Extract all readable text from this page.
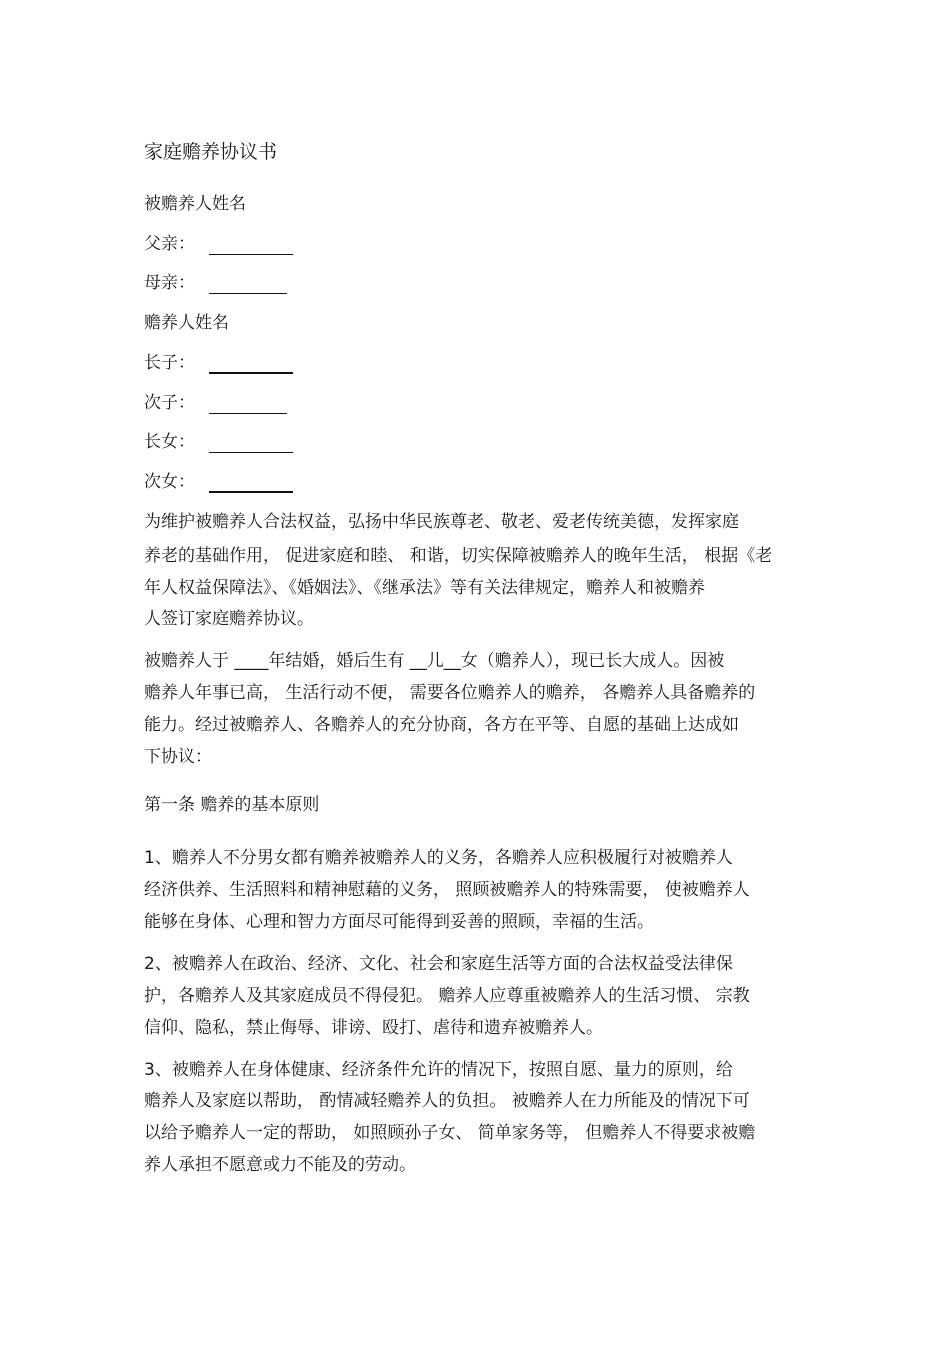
家庭赡养协议书
被赡养人姓名
父亲：
母亲：
赡养人姓名
长子：
次子：
长女：
次女：
为维护被赡养人合法权益，弘扬中华民族尊老、敬老、爱老传统美德，发挥家庭
养老的基础作用， 促进家庭和睦、 和谐，切实保障被赡养人的晚年生活， 根据《老
年人权益保障法》、《婚姻法》、《继承法》等有关法律规定，赡养人和被赡养
人签订家庭赡养协议。
被赡养人于 ____年结婚，婚后生有 __儿__女（赡养人），现已长大成人。因被
赡养人年事已高， 生活行动不便， 需要各位赡养人的赡养， 各赡养人具备赡养的
能力。经过被赡养人、各赡养人的充分协商，各方在平等、自愿的基础上达成如
下协议：
第一条 赡养的基本原则
1、赡养人不分男女都有赡养被赡养人的义务，各赡养人应积极履行对被赡养人
经济供养、生活照料和精神慰藉的义务， 照顾被赡养人的特殊需要， 使被赡养人
能够在身体、心理和智力方面尽可能得到妥善的照顾，幸福的生活。
2、被赡养人在政治、经济、文化、社会和家庭生活等方面的合法权益受法律保
护，各赡养人及其家庭成员不得侵犯。 赡养人应尊重被赡养人的生活习惯、 宗教
信仰、隐私，禁止侮辱、诽谤、殴打、虐待和遗弃被赡养人。
3、被赡养人在身体健康、经济条件允许的情况下，按照自愿、量力的原则，给
赡养人及家庭以帮助， 酌情减轻赡养人的负担。 被赡养人在力所能及的情况下可
以给予赡养人一定的帮助， 如照顾孙子女、 简单家务等， 但赡养人不得要求被赡
养人承担不愿意或力不能及的劳动。
